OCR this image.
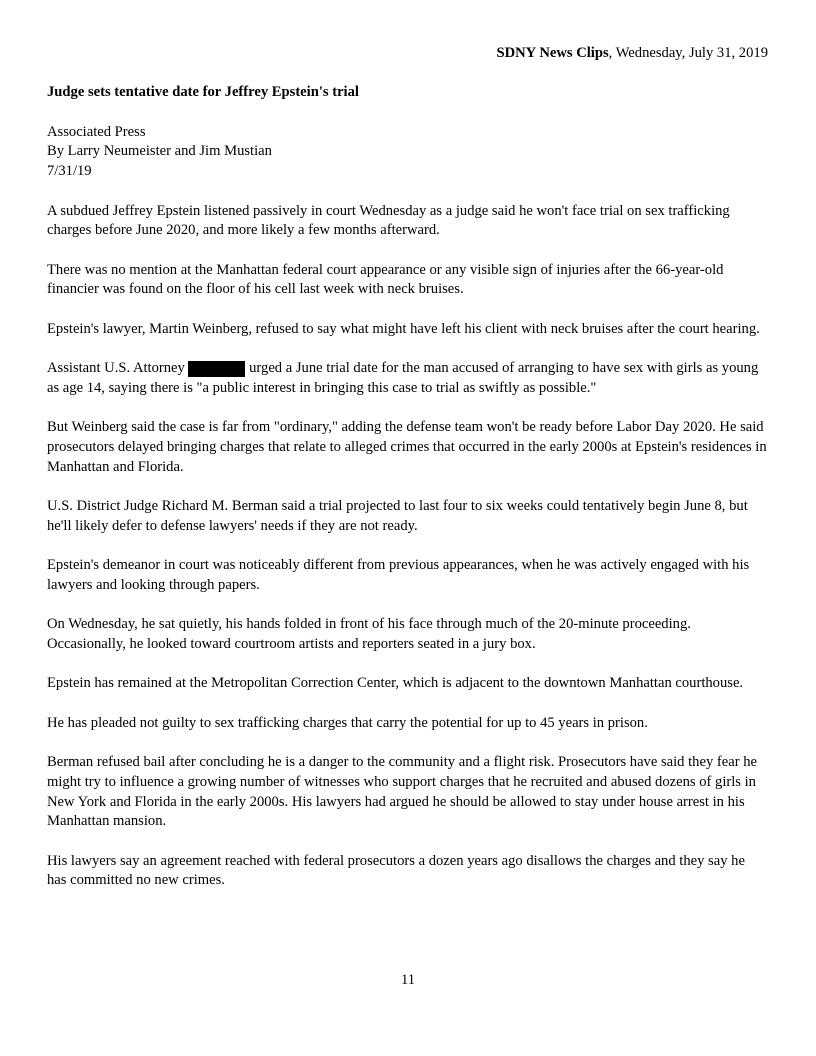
SDNY News Clips, Wednesday, July 31, 2019
Judge sets tentative date for Jeffrey Epstein's trial
Associated Press
By Larry Neumeister and Jim Mustian
7/31/19

A subdued Jeffrey Epstein listened passively in court Wednesday as a judge said he won't face trial on sex trafficking charges before June 2020, and more likely a few months afterward.

There was no mention at the Manhattan federal court appearance or any visible sign of injuries after the 66-year-old financier was found on the floor of his cell last week with neck bruises.

Epstein's lawyer, Martin Weinberg, refused to say what might have left his client with neck bruises after the court hearing.

Assistant U.S. Attorney	urged a June trial date for the man accused of arranging to have sex with girls as young as age 14, saying there is "a public interest in bringing this case to trial as swiftly as possible."

But Weinberg said the case is far from "ordinary," adding the defense team won't be ready before Labor Day 2020. He said prosecutors delayed bringing charges that relate to alleged crimes that occurred in the early 2000s at Epstein's residences in Manhattan and Florida.

U.S. District Judge Richard M. Berman said a trial projected to last four to six weeks could tentatively begin June 8, but he'll likely defer to defense lawyers' needs if they are not ready.

Epstein's demeanor in court was noticeably different from previous appearances, when he was actively engaged with his lawyers and looking through papers.

On Wednesday, he sat quietly, his hands folded in front of his face through much of the 20-minute proceeding. Occasionally, he looked toward courtroom artists and reporters seated in a jury box.

Epstein has remained at the Metropolitan Correction Center, which is adjacent to the downtown Manhattan courthouse.

He has pleaded not guilty to sex trafficking charges that carry the potential for up to 45 years in prison.

Berman refused bail after concluding he is a danger to the community and a flight risk. Prosecutors have said they fear he might try to influence a growing number of witnesses who support charges that he recruited and abused dozens of girls in New York and Florida in the early 2000s. His lawyers had argued he should be allowed to stay under house arrest in his Manhattan mansion.

His lawyers say an agreement reached with federal prosecutors a dozen years ago disallows the charges and they say he has committed no new crimes.

11
